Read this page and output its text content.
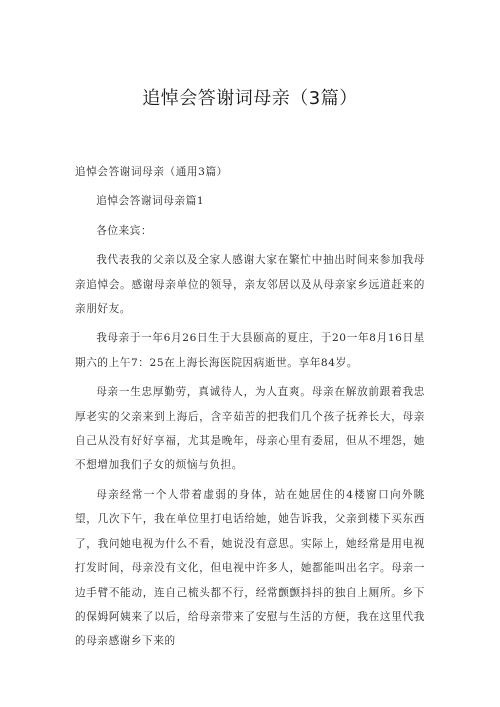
追悼会答谢词母亲（3篇）

追悼会答谢词母亲（通用3篇）

追悼会答谢词母亲篇1

各位来宾：

我代表我的父亲以及全家人感谢大家在繁忙中抽出时间来参加我母亲追悼会。感谢母亲单位的领导，亲友邻居以及从母亲家乡远道赶来的亲朋好友。

我母亲于一年6月26日生于大县颐高的夏庄，于20一年8月16日星期六的上午7：25在上海长海医院因病逝世。享年84岁。

母亲一生忠厚勤劳，真诚待人，为人直爽。母亲在解放前跟着我忠厚老实的父亲来到上海后，含辛茹苦的把我们几个孩子抚养长大，母亲自己从没有好好享福，尤其是晚年，母亲心里有委屈，但从不埋怨，她不想增加我们子女的烦恼与负担。

母亲经常一个人带着虚弱的身体，站在她居住的4楼窗口向外眺望，几次下午，我在单位里打电话给她，她告诉我，父亲到楼下买东西了，我问她电视为什么不看，她说没有意思。实际上，她经常是用电视打发时间，母亲没有文化，但电视中许多人，她都能叫出名字。母亲一边手臂不能动，连自己梳头都不行，经常颤颤抖抖的独自上厕所。乡下的保姆阿姨来了以后，给母亲带来了安慰与生活的方便，我在这里代我的母亲感谢乡下来的
